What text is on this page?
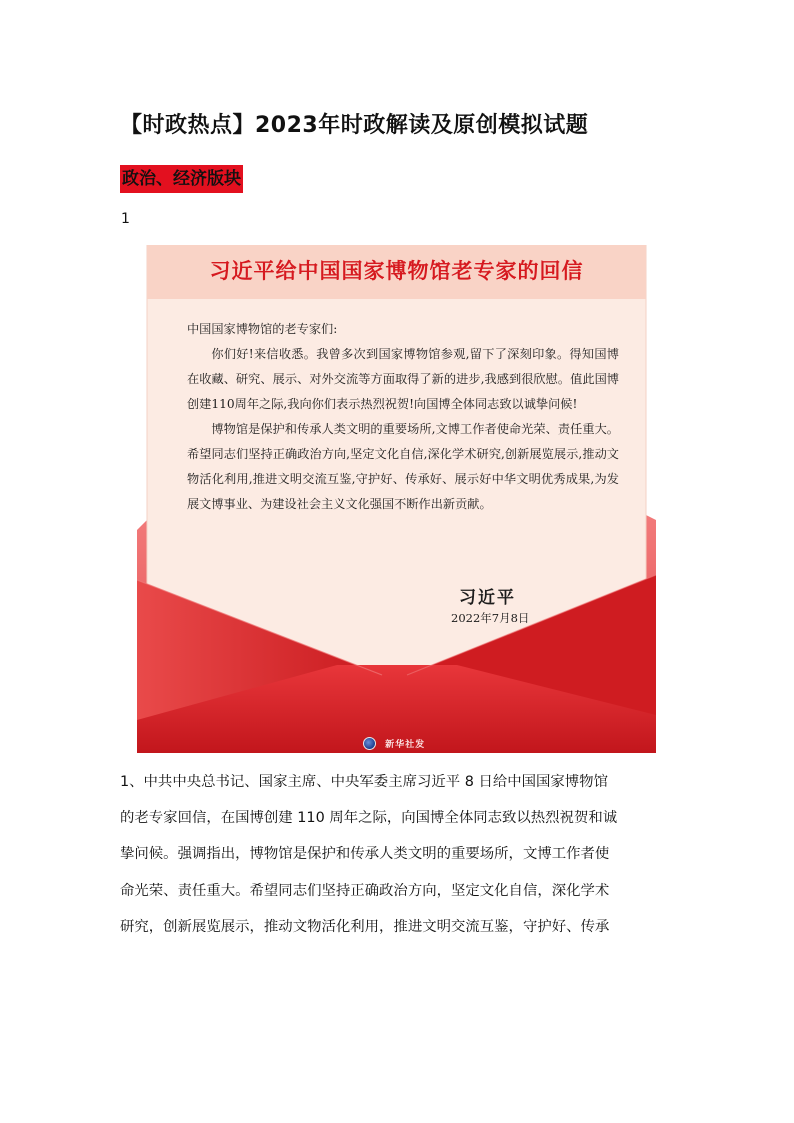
【时政热点】2023年时政解读及原创模拟试题
政治、经济版块
1
习近平给中国国家博物馆老专家的回信

中国国家博物馆的老专家们:

你们好!来信收悉。我曾多次到国家博物馆参观,留下了深刻印象。得知国博在收藏、研究、展示、对外交流等方面取得了新的进步,我感到很欣慰。值此国博创建110周年之际,我向你们表示热烈祝贺!向国博全体同志致以诚挚问候!

博物馆是保护和传承人类文明的重要场所,文博工作者使命光荣、责任重大。希望同志们坚持正确政治方向,坚定文化自信,深化学术研究,创新展览展示,推动文物活化利用,推进文明交流互鉴,守护好、传承好、展示好中华文明优秀成果,为发展文博事业、为建设社会主义文化强国不断作出新贡献。

习近平
2022年7月8日
新华社发
1、中共中央总书记、国家主席、中央军委主席习近平 8 日给中国国家博物馆
的老专家回信，在国博创建 110 周年之际，向国博全体同志致以热烈祝贺和诚
挚问候。强调指出，博物馆是保护和传承人类文明的重要场所，文博工作者使
命光荣、责任重大。希望同志们坚持正确政治方向，坚定文化自信，深化学术
研究，创新展览展示，推动文物活化利用，推进文明交流互鉴，守护好、传承
